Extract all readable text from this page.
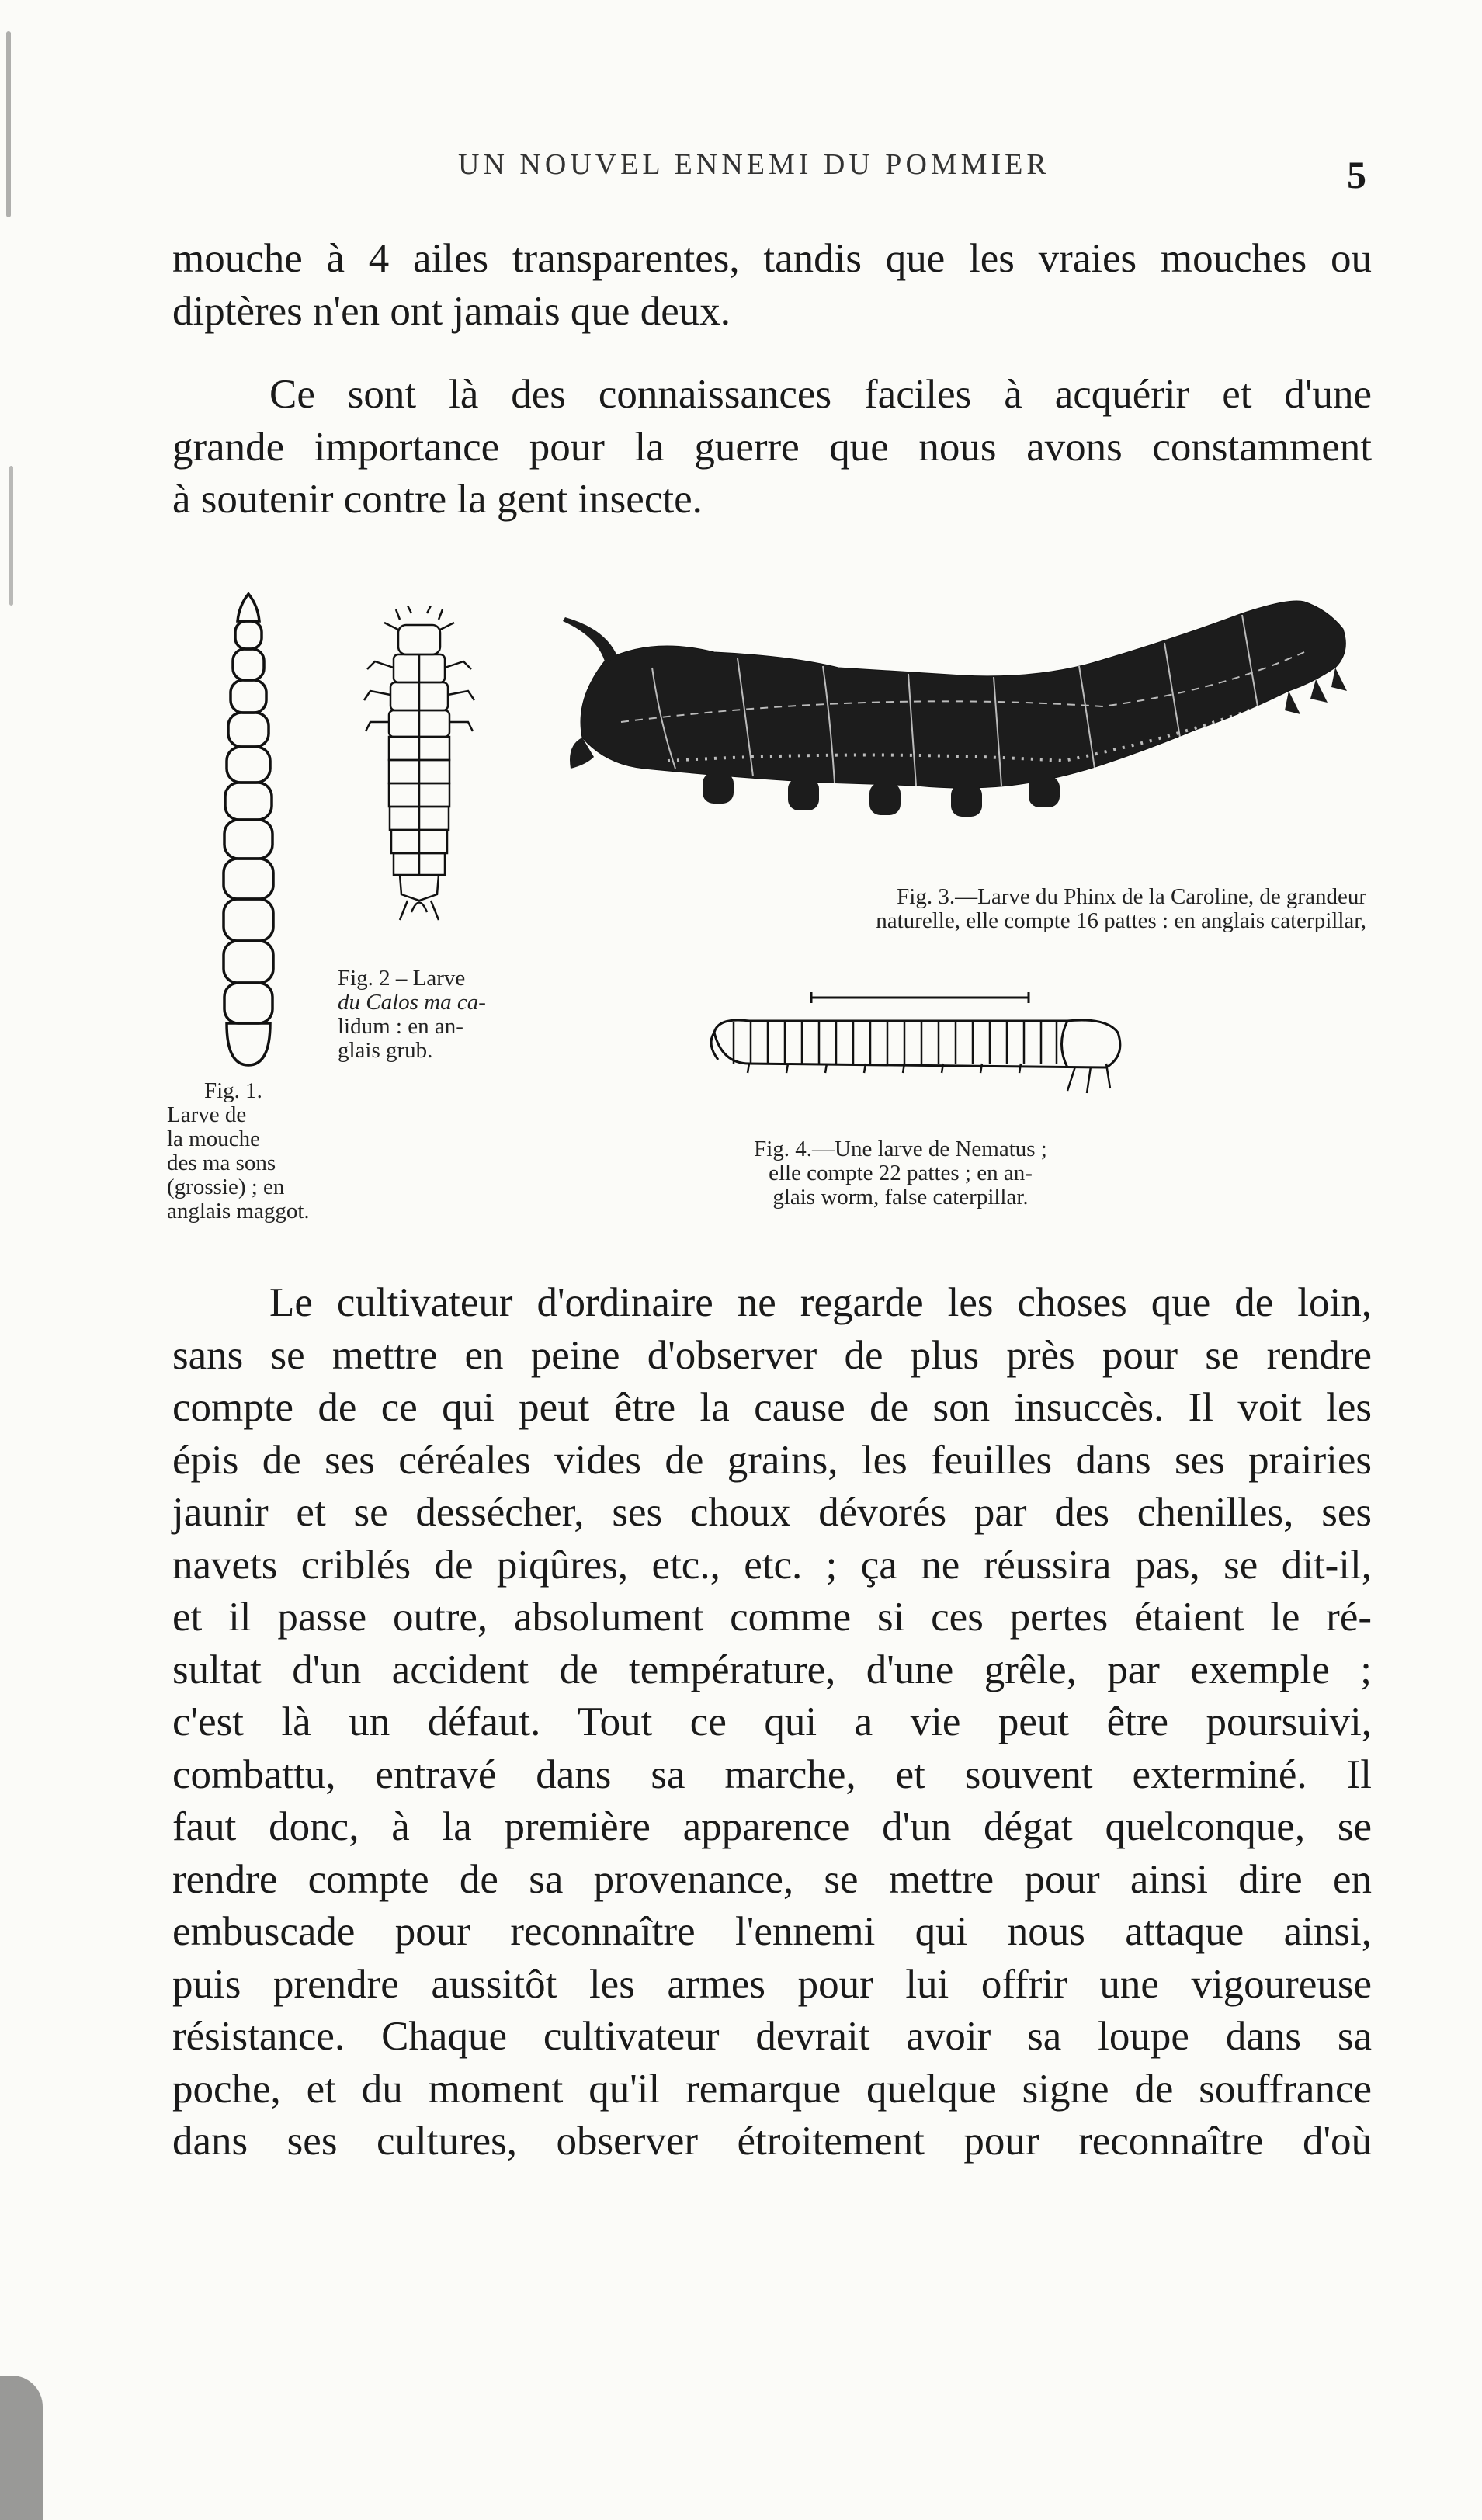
UN NOUVEL ENNEMI DU POMMIER	5
mouche à 4 ailes transparentes, tandis que les vraies mouches ou
diptères n'en ont jamais que deux.
Ce sont là des connaissances faciles à acquérir et d'une
grande importance pour la guerre que nous avons constamment
à soutenir contre la gent insecte.
Fig. 2 – Larve
du Calos ma ca-
lidum : en an-
glais grub.
Fig. 1.
Larve de
la mouche
des ma sons
(grossie) ; en
anglais maggot.
Fig. 3.—Larve du Phinx de la Caroline, de grandeur
naturelle, elle compte 16 pattes : en anglais caterpillar,
Fig. 4.—Une larve de Nematus ;
elle compte 22 pattes ; en an-
glais worm, false caterpillar.
Le cultivateur d'ordinaire ne regarde les choses que de loin,
sans se mettre en peine d'observer de plus près pour se rendre
compte de ce qui peut être la cause de son insuccès. Il voit les
épis de ses céréales vides de grains, les feuilles dans ses prairies
jaunir et se dessécher, ses choux dévorés par des chenilles, ses
navets criblés de piqûres, etc., etc. ; ça ne réussira pas, se dit-il,
et il passe outre, absolument comme si ces pertes étaient le ré-
sultat d'un accident de température, d'une grêle, par exemple ;
c'est là un défaut. Tout ce qui a vie peut être poursuivi,
combattu, entravé dans sa marche, et souvent exterminé. Il
faut donc, à la première apparence d'un dégat quelconque, se
rendre compte de sa provenance, se mettre pour ainsi dire en
embuscade pour reconnaître l'ennemi qui nous attaque ainsi,
puis prendre aussitôt les armes pour lui offrir une vigoureuse
résistance. Chaque cultivateur devrait avoir sa loupe dans sa
poche, et du moment qu'il remarque quelque signe de souffrance
dans ses cultures, observer étroitement pour reconnaître d'où
